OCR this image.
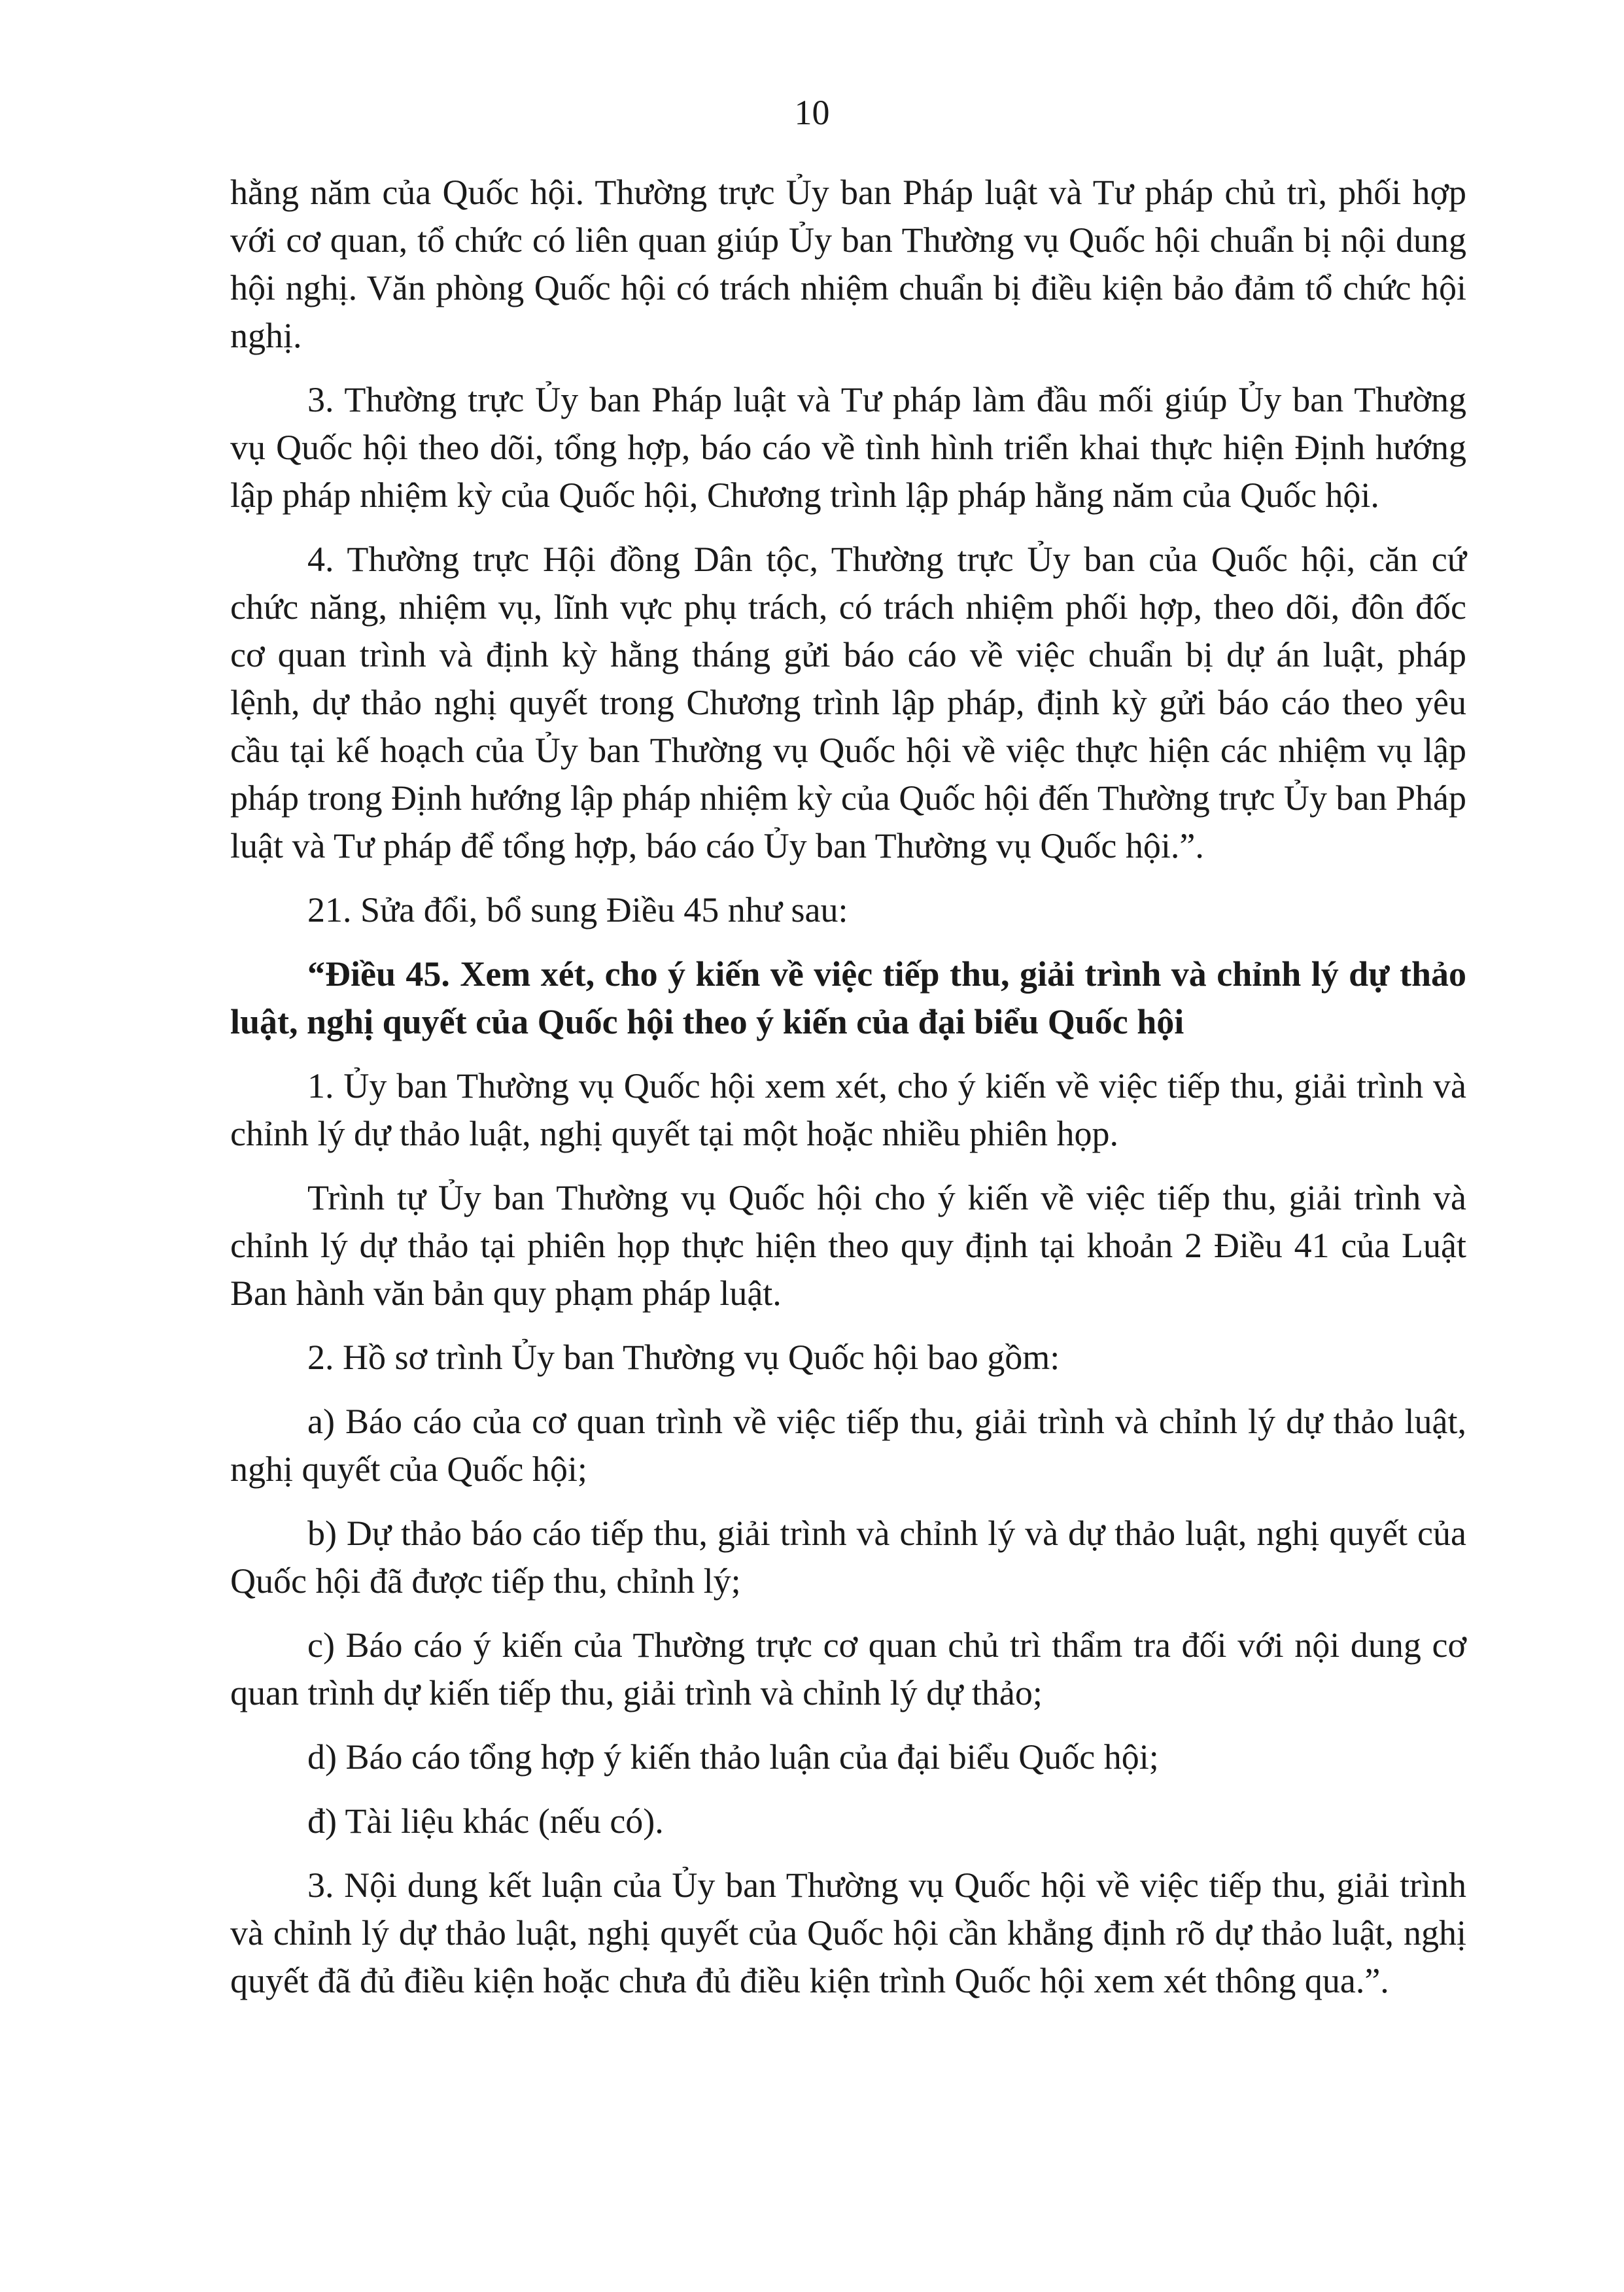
10

hằng năm của Quốc hội. Thường trực Ủy ban Pháp luật và Tư pháp chủ trì, phối hợp với cơ quan, tổ chức có liên quan giúp Ủy ban Thường vụ Quốc hội chuẩn bị nội dung hội nghị. Văn phòng Quốc hội có trách nhiệm chuẩn bị điều kiện bảo đảm tổ chức hội nghị.

3. Thường trực Ủy ban Pháp luật và Tư pháp làm đầu mối giúp Ủy ban Thường vụ Quốc hội theo dõi, tổng hợp, báo cáo về tình hình triển khai thực hiện Định hướng lập pháp nhiệm kỳ của Quốc hội, Chương trình lập pháp hằng năm của Quốc hội.

4. Thường trực Hội đồng Dân tộc, Thường trực Ủy ban của Quốc hội, căn cứ chức năng, nhiệm vụ, lĩnh vực phụ trách, có trách nhiệm phối hợp, theo dõi, đôn đốc cơ quan trình và định kỳ hằng tháng gửi báo cáo về việc chuẩn bị dự án luật, pháp lệnh, dự thảo nghị quyết trong Chương trình lập pháp, định kỳ gửi báo cáo theo yêu cầu tại kế hoạch của Ủy ban Thường vụ Quốc hội về việc thực hiện các nhiệm vụ lập pháp trong Định hướng lập pháp nhiệm kỳ của Quốc hội đến Thường trực Ủy ban Pháp luật và Tư pháp để tổng hợp, báo cáo Ủy ban Thường vụ Quốc hội.”.

21. Sửa đổi, bổ sung Điều 45 như sau:

“Điều 45. Xem xét, cho ý kiến về việc tiếp thu, giải trình và chỉnh lý dự thảo luật, nghị quyết của Quốc hội theo ý kiến của đại biểu Quốc hội

1. Ủy ban Thường vụ Quốc hội xem xét, cho ý kiến về việc tiếp thu, giải trình và chỉnh lý dự thảo luật, nghị quyết tại một hoặc nhiều phiên họp.

Trình tự Ủy ban Thường vụ Quốc hội cho ý kiến về việc tiếp thu, giải trình và chỉnh lý dự thảo tại phiên họp thực hiện theo quy định tại khoản 2 Điều 41 của Luật Ban hành văn bản quy phạm pháp luật.

2. Hồ sơ trình Ủy ban Thường vụ Quốc hội bao gồm:

a) Báo cáo của cơ quan trình về việc tiếp thu, giải trình và chỉnh lý dự thảo luật, nghị quyết của Quốc hội;

b) Dự thảo báo cáo tiếp thu, giải trình và chỉnh lý và dự thảo luật, nghị quyết của Quốc hội đã được tiếp thu, chỉnh lý;

c) Báo cáo ý kiến của Thường trực cơ quan chủ trì thẩm tra đối với nội dung cơ quan trình dự kiến tiếp thu, giải trình và chỉnh lý dự thảo;

d) Báo cáo tổng hợp ý kiến thảo luận của đại biểu Quốc hội;

đ) Tài liệu khác (nếu có).

3. Nội dung kết luận của Ủy ban Thường vụ Quốc hội về việc tiếp thu, giải trình và chỉnh lý dự thảo luật, nghị quyết của Quốc hội cần khẳng định rõ dự thảo luật, nghị quyết đã đủ điều kiện hoặc chưa đủ điều kiện trình Quốc hội xem xét thông qua.”.
